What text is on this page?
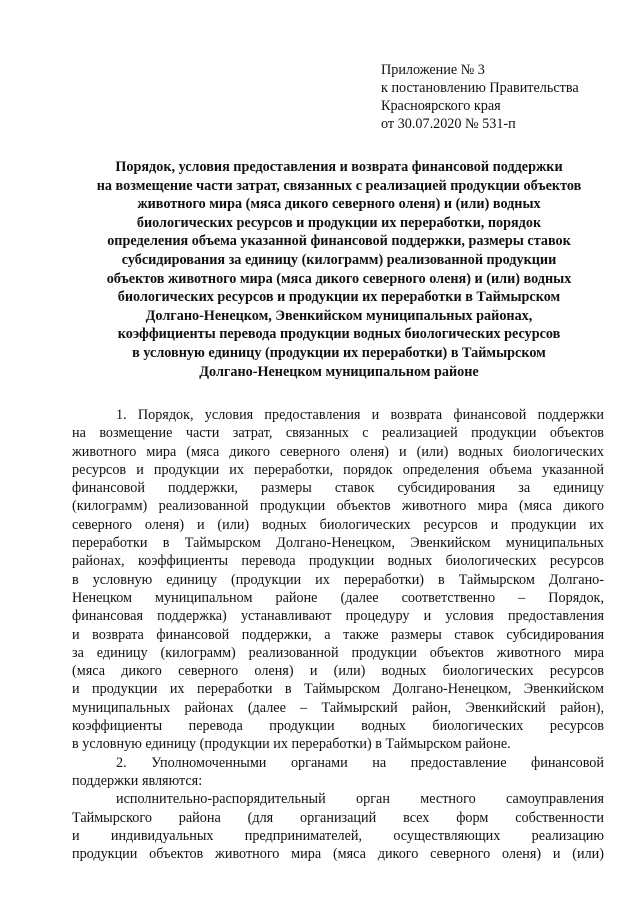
Приложение № 3
к постановлению Правительства
Красноярского края
от 30.07.2020 № 531-п
Порядок, условия предоставления и возврата финансовой поддержки
на возмещение части затрат, связанных с реализацией продукции объектов
животного мира (мяса дикого северного оленя) и (или) водных
биологических ресурсов и продукции их переработки, порядок
определения объема указанной финансовой поддержки, размеры ставок
субсидирования за единицу (килограмм) реализованной продукции
объектов животного мира (мяса дикого северного оленя) и (или) водных
биологических ресурсов и продукции их переработки в Таймырском
Долгано-Ненецком, Эвенкийском муниципальных районах,
коэффициенты перевода продукции водных биологических ресурсов
в условную единицу (продукции их переработки) в Таймырском
Долгано-Ненецком муниципальном районе
1. Порядок, условия предоставления и возврата финансовой поддержки
на возмещение части затрат, связанных с реализацией продукции объектов
животного мира (мяса дикого северного оленя) и (или) водных биологических
ресурсов и продукции их переработки, порядок определения объема указанной
финансовой поддержки, размеры ставок субсидирования за единицу
(килограмм) реализованной продукции объектов животного мира (мяса дикого
северного оленя) и (или) водных биологических ресурсов и продукции их
переработки в Таймырском Долгано-Ненецком, Эвенкийском муниципальных
районах, коэффициенты перевода продукции водных биологических ресурсов
в условную единицу (продукции их переработки) в Таймырском Долгано-
Ненецком муниципальном районе (далее соответственно – Порядок,
финансовая поддержка) устанавливают процедуру и условия предоставления
и возврата финансовой поддержки, а также размеры ставок субсидирования
за единицу (килограмм) реализованной продукции объектов животного мира
(мяса дикого северного оленя) и (или) водных биологических ресурсов
и продукции их переработки в Таймырском Долгано-Ненецком, Эвенкийском
муниципальных районах (далее – Таймырский район, Эвенкийский район),
коэффициенты перевода продукции водных биологических ресурсов
в условную единицу (продукции их переработки) в Таймырском районе.
2. Уполномоченными органами на предоставление финансовой
поддержки являются:
исполнительно-распорядительный орган местного самоуправления
Таймырского района (для организаций всех форм собственности
и индивидуальных предпринимателей, осуществляющих реализацию
продукции объектов животного мира (мяса дикого северного оленя) и (или)
